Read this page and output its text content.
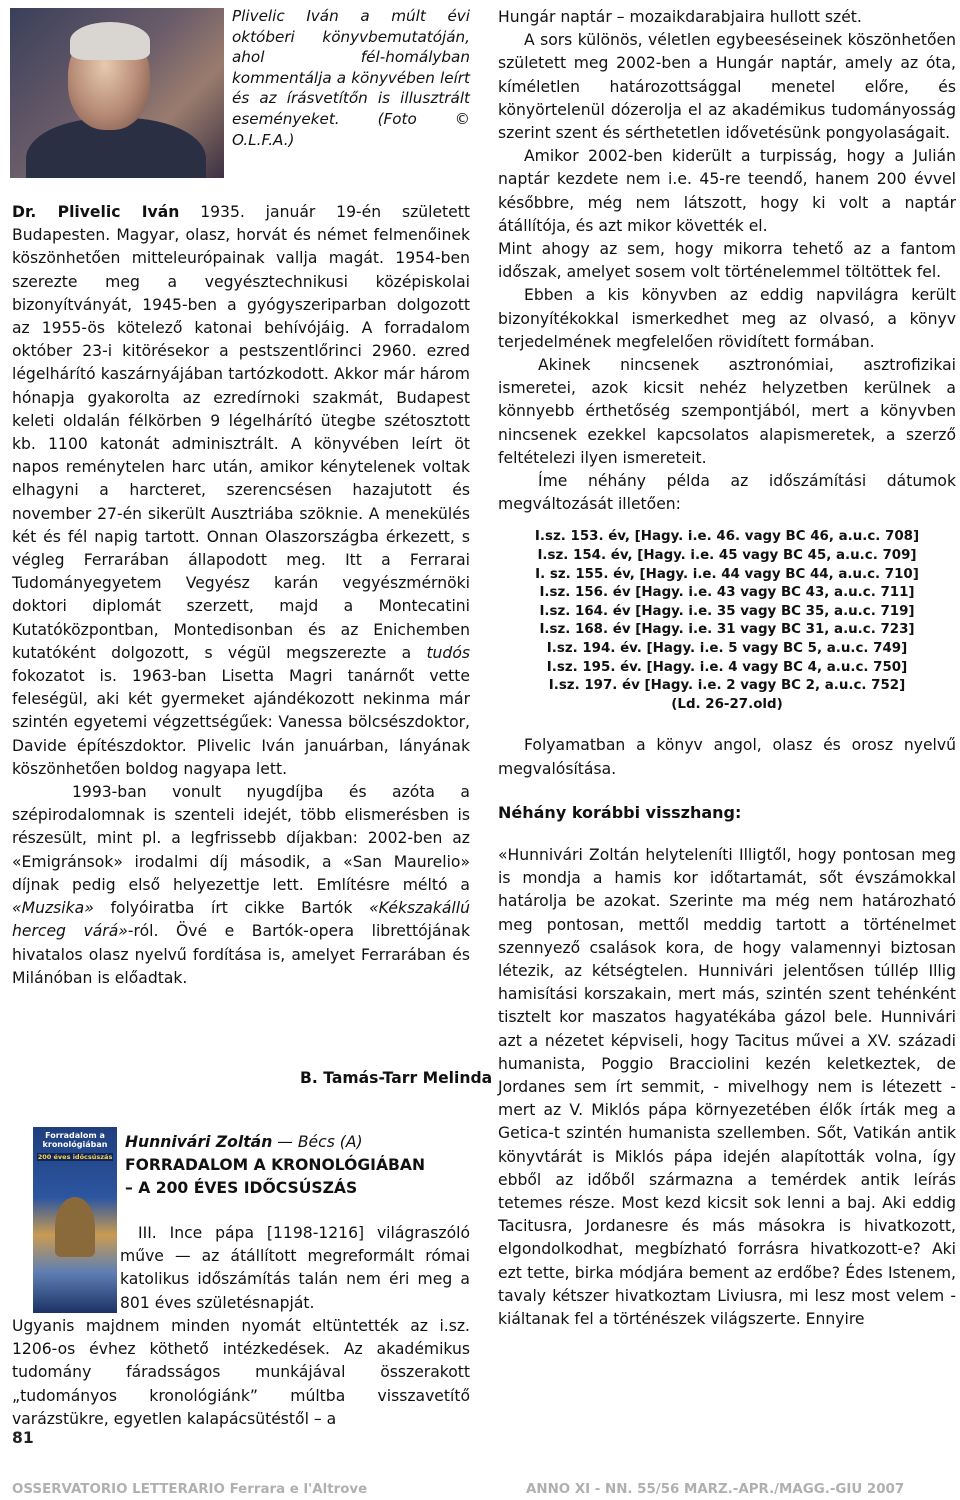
Plivelic Iván a múlt évi októberi könyvbemutatóján, ahol fél-homályban kommentálja a könyvében leírt és az írásvetítőn is illusztrált eseményeket. (Foto © O.L.F.A.)

Dr. Plivelic Iván 1935. január 19-én született Budapesten. Magyar, olasz, horvát és német felmenőinek köszönhetően mitteleurópainak vallja magát. 1954-ben szerezte meg a vegyésztechnikusi középiskolai bizonyítványát, 1945-ben a gyógyszeriparban dolgozott az 1955-ös kötelező katonai behívójáig. A forradalom október 23-i kitörésekor a pestszentlőrinci 2960. ezred légelhárító kaszárnyájában tartózkodott. Akkor már három hónapja gyakorolta az ezredírnoki szakmát, Budapest keleti oldalán félkörben 9 légelhárító ütegbe szétosztott kb. 1100 katonát adminisztrált. A könyvében leírt öt napos reménytelen harc után, amikor kénytelenek voltak elhagyni a harcteret, szerencsésen hazajutott és november 27-én sikerült Ausztriába szöknie. A menekülés két és fél napig tartott. Onnan Olaszországba érkezett, s végleg Ferrarában állapodott meg. Itt a Ferrarai Tudományegyetem Vegyész karán vegyészmérnöki doktori diplomát szerzett, majd a Montecatini Kutatóközpontban, Montedisonban és az Enichemben kutatóként dolgozott, s végül megszerezte a tudós fokozatot is. 1963-ban Lisetta Magri tanárnőt vette feleségül, aki két gyermeket ajándékozott nekinma már szintén egyetemi végzettségűek: Vanessa bölcsészdoktor, Davide építészdoktor. Plivelic Iván januárban, lányának köszönhetően boldog nagyapa lett.

1993-ban vonult nyugdíjba és azóta a szépirodalomnak is szenteli idejét, több elismerésben is részesült, mint pl. a legfrissebb díjakban: 2002-ben az «Emigránsok» irodalmi díj második, a «San Maurelio» díjnak pedig első helyezettje lett. Említésre méltó a «Muzsika» folyóiratba írt cikke Bartók «Kékszakállú herceg várá»-ról. Övé e Bartók-opera librettójának hivatalos olasz nyelvű fordítása is, amelyet Ferrarában és Milánóban is előadtak.

B. Tamás-Tarr Melinda
Forradalom a kronológiában
200 éves időcsúszás
Hunnivári Zoltán — Bécs (A)
FORRADALOM A KRONOLÓGIÁBAN
– A 200 ÉVES IDŐCSÚSZÁS
III. Ince pápa [1198-1216] világraszóló műve — az átállított megreformált római katolikus időszámítás talán nem éri meg a 801 éves születésnapját.
Ugyanis majdnem minden nyomát eltüntették az i.sz. 1206-os évhez köthető intézkedések. Az akadémikus tudomány fáradsságos munkájával összerakott „tudományos kronológiánk” múltba visszavetítő varázstükre, egyetlen kalapácsütéstől – a
81

Hungár naptár – mozaikdarabjaira hullott szét.

A sors különös, véletlen egybeeséseinek köszönhetően született meg 2002-ben a Hungár naptár, amely az óta, kíméletlen határozottsággal menetel előre, és könyörtelenül dózerolja el az akadémikus tudományosság szerint szent és sérthetetlen idővetésünk pongyolaságait.

Amikor 2002-ben kiderült a turpisság, hogy a Julián naptár kezdete nem i.e. 45-re teendő, hanem 200 évvel későbbre, még nem látszott, hogy ki volt a naptár átállítója, és azt mikor követték el.

Mint ahogy az sem, hogy mikorra tehető az a fantom időszak, amelyet sosem volt történelemmel töltöttek fel.

Ebben a kis könyvben az eddig napvilágra került bizonyítékokkal ismerkedhet meg az olvasó, a könyv terjedelmének megfelelően rövidített formában.

Akinek nincsenek asztronómiai, asztrofizikai ismeretei, azok kicsit nehéz helyzetben kerülnek a könnyebb érthetőség szempontjából, mert a könyvben nincsenek ezekkel kapcsolatos alapismeretek, a szerző feltételezi ilyen ismereteit.

Íme néhány példa az időszámítási dátumok megváltozását illetően:

I.sz. 153. év, [Hagy. i.e. 46. vagy BC 46, a.u.c. 708]
I.sz. 154. év, [Hagy. i.e. 45 vagy BC 45, a.u.c. 709]
I. sz. 155. év, [Hagy. i.e. 44 vagy BC 44, a.u.c. 710]
I.sz. 156. év [Hagy. i.e. 43 vagy BC 43, a.u.c. 711]
I.sz. 164. év [Hagy. i.e. 35 vagy BC 35, a.u.c. 719]
I.sz. 168. év [Hagy. i.e. 31 vagy BC 31, a.u.c. 723]
I.sz. 194. év. [Hagy. i.e. 5 vagy BC 5, a.u.c. 749]
I.sz. 195. év. [Hagy. i.e. 4 vagy BC 4, a.u.c. 750]
I.sz. 197. év [Hagy. i.e. 2 vagy BC 2, a.u.c. 752]
(Ld. 26-27.old)

Folyamatban a könyv angol, olasz és orosz nyelvű megvalósítása.

Néhány korábbi visszhang:

«Hunnivári Zoltán helyteleníti Illigtől, hogy pontosan meg is mondja a hamis kor időtartamát, sőt évszámokkal határolja be azokat. Szerinte ma még nem határozható meg pontosan, mettől meddig tartott a történelmet szennyező csalások kora, de hogy valamennyi biztosan létezik, az kétségtelen. Hunnivári jelentősen túllép Illig hamisítási korszakain, mert más, szintén szent tehénként tisztelt kor maszatos hagyatékába gázol bele. Hunnivári azt a nézetet képviseli, hogy Tacitus művei a XV. századi humanista, Poggio Bracciolini kezén keletkeztek, de Jordanes sem írt semmit, - mivelhogy nem is létezett - mert az V. Miklós pápa környezetében élők írták meg a Getica-t szintén humanista szellemben. Sőt, Vatikán antik könyvtárát is Miklós pápa idején alapították volna, így ebből az időből származna a temérdek antik leírás tetemes része. Most kezd kicsit sok lenni a baj. Aki eddig Tacitusra, Jordanesre és más másokra is hivatkozott, elgondolkodhat, megbízható forrásra hivatkozott-e? Aki ezt tette, birka módjára bement az erdőbe? Édes Istenem, tavaly kétszer hivatkoztam Liviusra, mi lesz most velem - kiáltanak fel a történészek világszerte. Ennyire

OSSERVATORIO LETTERARIO Ferrara e l'Altrove	ANNO XI - NN. 55/56 MARZ.-APR./MAGG.-GIU 2007
